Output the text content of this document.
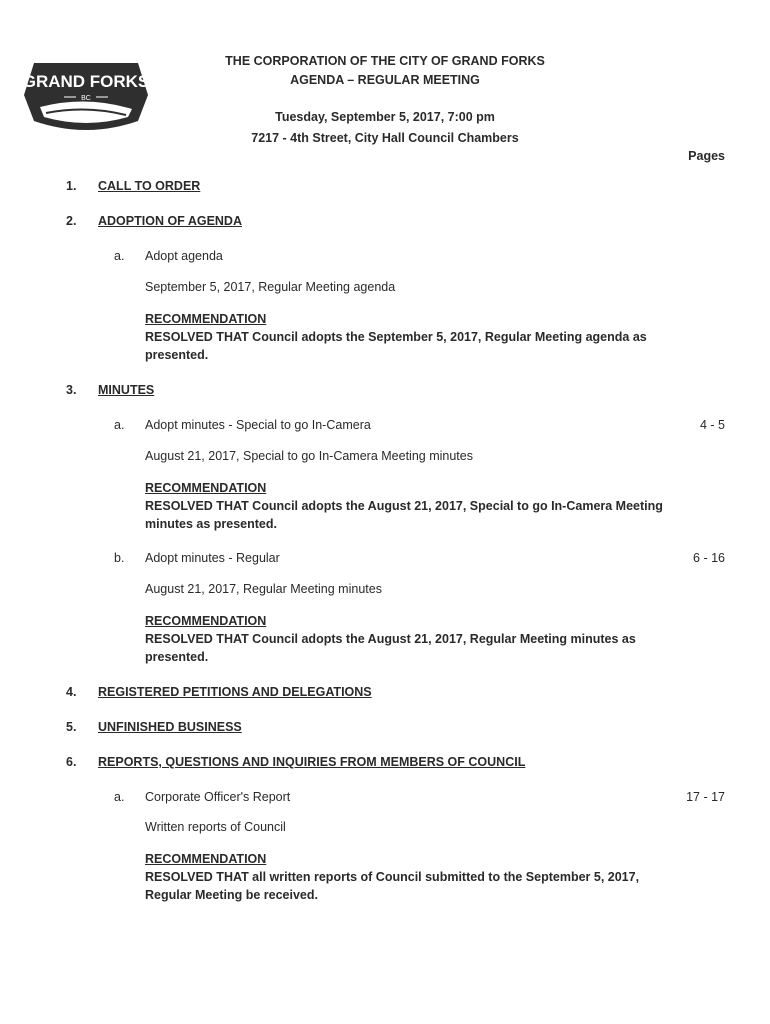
GRAND FORKS
BC
THE CORPORATION OF THE CITY OF GRAND FORKS
AGENDA – REGULAR MEETING
Tuesday, September 5, 2017, 7:00 pm
7217 - 4th Street, City Hall Council Chambers
Pages
1. CALL TO ORDER
2. ADOPTION OF AGENDA
a. Adopt agenda
September 5, 2017, Regular Meeting agenda
RECOMMENDATION
RESOLVED THAT Council adopts the September 5, 2017, Regular Meeting agenda as presented.
3. MINUTES
a. Adopt minutes - Special to go In-Camera	4 - 5
August 21, 2017, Special to go In-Camera Meeting minutes
RECOMMENDATION
RESOLVED THAT Council adopts the August 21, 2017, Special to go In-Camera Meeting minutes as presented.
b. Adopt minutes - Regular	6 - 16
August 21, 2017, Regular Meeting minutes
RECOMMENDATION
RESOLVED THAT Council adopts the August 21, 2017, Regular Meeting minutes as presented.
4. REGISTERED PETITIONS AND DELEGATIONS
5. UNFINISHED BUSINESS
6. REPORTS, QUESTIONS AND INQUIRIES FROM MEMBERS OF COUNCIL
a. Corporate Officer's Report	17 - 17
Written reports of Council
RECOMMENDATION
RESOLVED THAT all written reports of Council submitted to the September 5, 2017, Regular Meeting be received.
